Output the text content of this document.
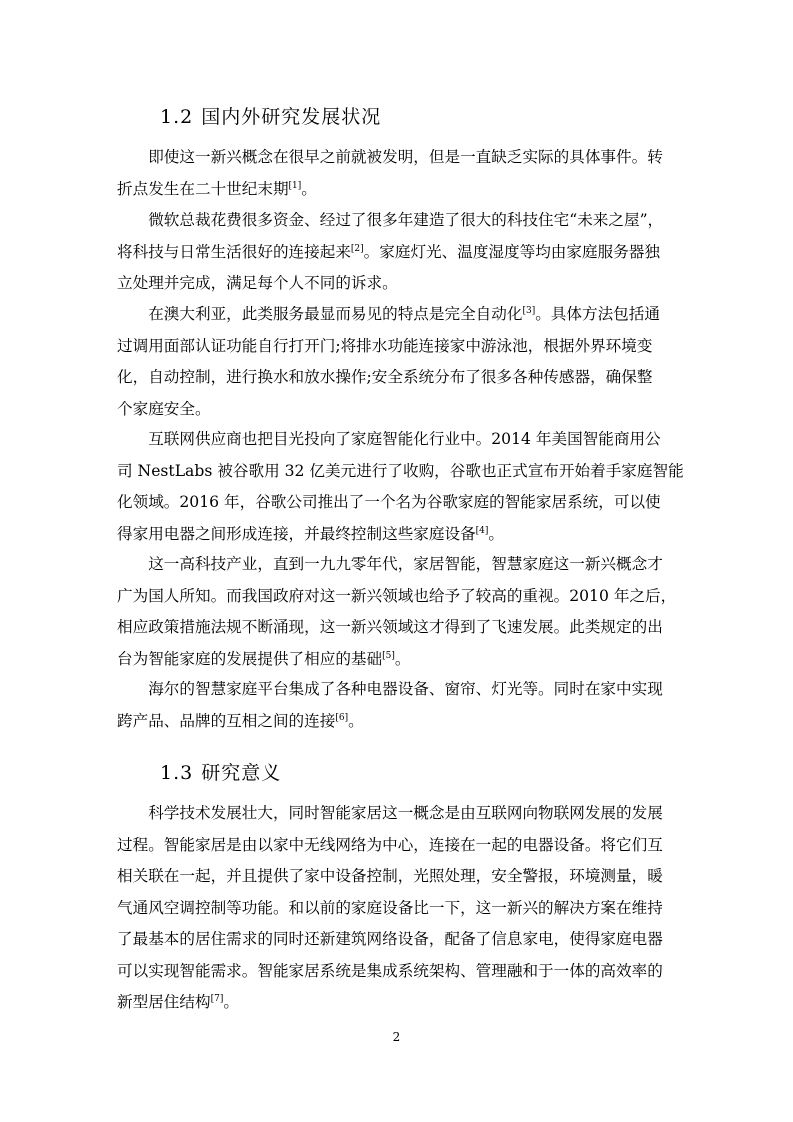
1.2 国内外研究发展状况

即使这一新兴概念在很早之前就被发明，但是一直缺乏实际的具体事件。转
折点发生在二十世纪末期[1]。

微软总裁花费很多资金、经过了很多年建造了很大的科技住宅“未来之屋”，
将科技与日常生活很好的连接起来[2]。家庭灯光、温度湿度等均由家庭服务器独
立处理并完成，满足每个人不同的诉求。

在澳大利亚，此类服务最显而易见的特点是完全自动化[3]。具体方法包括通
过调用面部认证功能自行打开门;将排水功能连接家中游泳池，根据外界环境变
化，自动控制，进行换水和放水操作;安全系统分布了很多各种传感器，确保整
个家庭安全。

互联网供应商也把目光投向了家庭智能化行业中。2014 年美国智能商用公
司 NestLabs 被谷歌用 32 亿美元进行了收购，谷歌也正式宣布开始着手家庭智能
化领域。2016 年，谷歌公司推出了一个名为谷歌家庭的智能家居系统，可以使
得家用电器之间形成连接，并最终控制这些家庭设备[4]。

这一高科技产业，直到一九九零年代，家居智能，智慧家庭这一新兴概念才
广为国人所知。而我国政府对这一新兴领域也给予了较高的重视。2010 年之后，
相应政策措施法规不断涌现，这一新兴领域这才得到了飞速发展。此类规定的出
台为智能家庭的发展提供了相应的基础[5]。

海尔的智慧家庭平台集成了各种电器设备、窗帘、灯光等。同时在家中实现
跨产品、品牌的互相之间的连接[6]。

1.3 研究意义

科学技术发展壮大，同时智能家居这一概念是由互联网向物联网发展的发展
过程。智能家居是由以家中无线网络为中心，连接在一起的电器设备。将它们互
相关联在一起，并且提供了家中设备控制，光照处理，安全警报，环境测量，暖
气通风空调控制等功能。和以前的家庭设备比一下，这一新兴的解决方案在维持
了最基本的居住需求的同时还新建筑网络设备，配备了信息家电，使得家庭电器
可以实现智能需求。智能家居系统是集成系统架构、管理融和于一体的高效率的
新型居住结构[7]。

2
